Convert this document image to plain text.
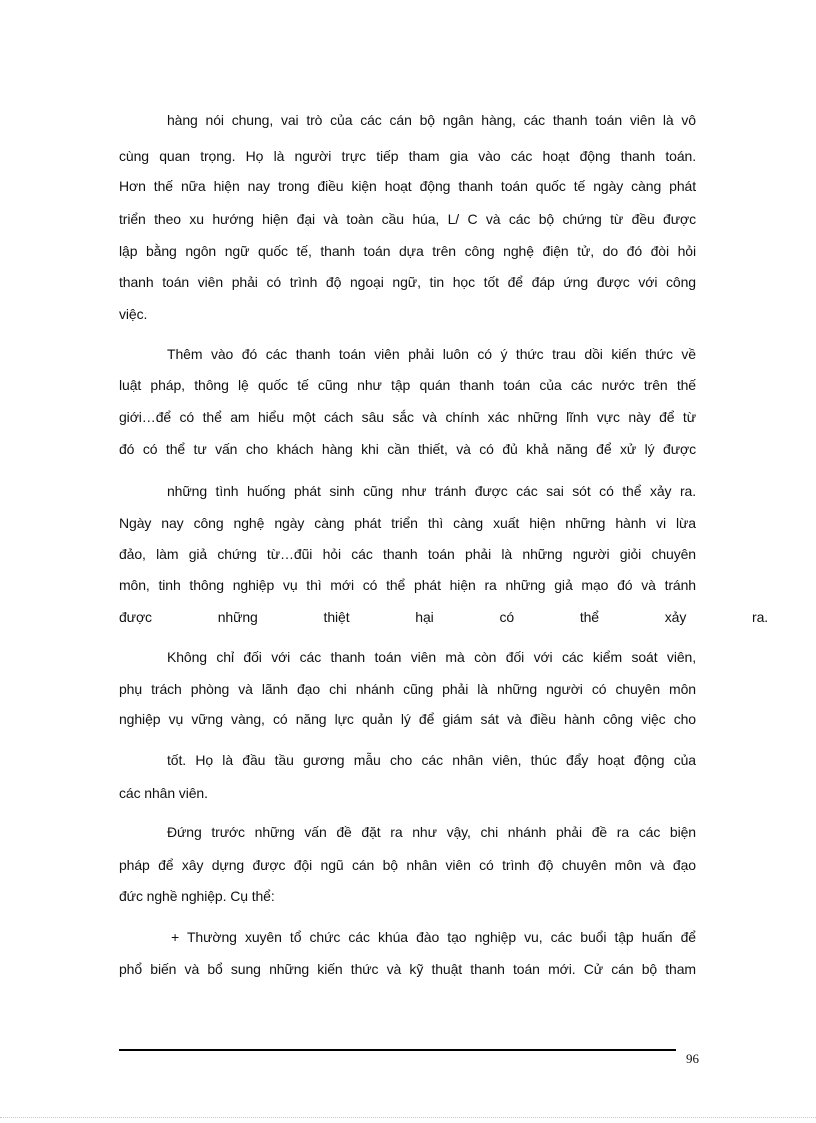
hàng nói chung, vai trò của các cán bộ ngân hàng, các thanh toán viên là vô
cùng quan trọng. Họ là người trực tiếp tham gia vào các hoạt động thanh toán.
Hơn thế nữa hiện nay trong điều kiện hoạt động thanh toán quốc tế ngày càng phát
triển theo xu hướng hiện đại và toàn cầu húa, L/ C và các bộ chứng từ đều được
lập bằng ngôn ngữ quốc tế, thanh toán dựa trên công nghệ điện tử, do đó đòi hỏi
thanh toán viên phải có trình độ ngoại ngữ, tin học tốt để đáp ứng được với công
việc.
Thêm vào đó các thanh toán viên phải luôn có ý thức trau dồi kiến thức về
luật pháp, thông lệ quốc tế cũng như tập quán thanh toán của các nước trên thế
giới…để có thể am hiểu một cách sâu sắc và chính xác những lĩnh vực này để từ
đó có thể tư vấn cho khách hàng khi cần thiết, và có đủ khả năng để xử lý được
những tình huống phát sinh cũng như tránh được các sai sót có thể xảy ra.
Ngày nay công nghệ ngày càng phát triển thì càng xuất hiện những hành vi lừa
đảo, làm giả chứng từ…đũi hỏi các thanh toán phải là những người giỏi chuyên
môn, tinh thông nghiệp vụ thì mới có thể phát hiện ra những giả mạo đó và tránh
được những thiệt hại có thể xảy ra.
Không chỉ đối với các thanh toán viên mà còn đối với các kiểm soát viên,
phụ trách phòng và lãnh đạo chi nhánh cũng phải là những người có chuyên môn
nghiệp vụ vững vàng, có năng lực quản lý để giám sát và điều hành công việc cho
tốt. Họ là đầu tầu gương mẫu cho các nhân viên, thúc đẩy hoạt động của
các nhân viên.
Đứng trước những vấn đề đặt ra như vậy, chi nhánh phải đề ra các biện
pháp để xây dựng được đội ngũ cán bộ nhân viên có trình độ chuyên môn và đạo
đức nghề nghiệp. Cụ thể:
+ Thường xuyên tổ chức các khúa đào tạo nghiệp vu, các buổi tập huấn để
phổ biến và bổ sung những kiến thức và kỹ thuật thanh toán mới. Cử cán bộ tham
96
